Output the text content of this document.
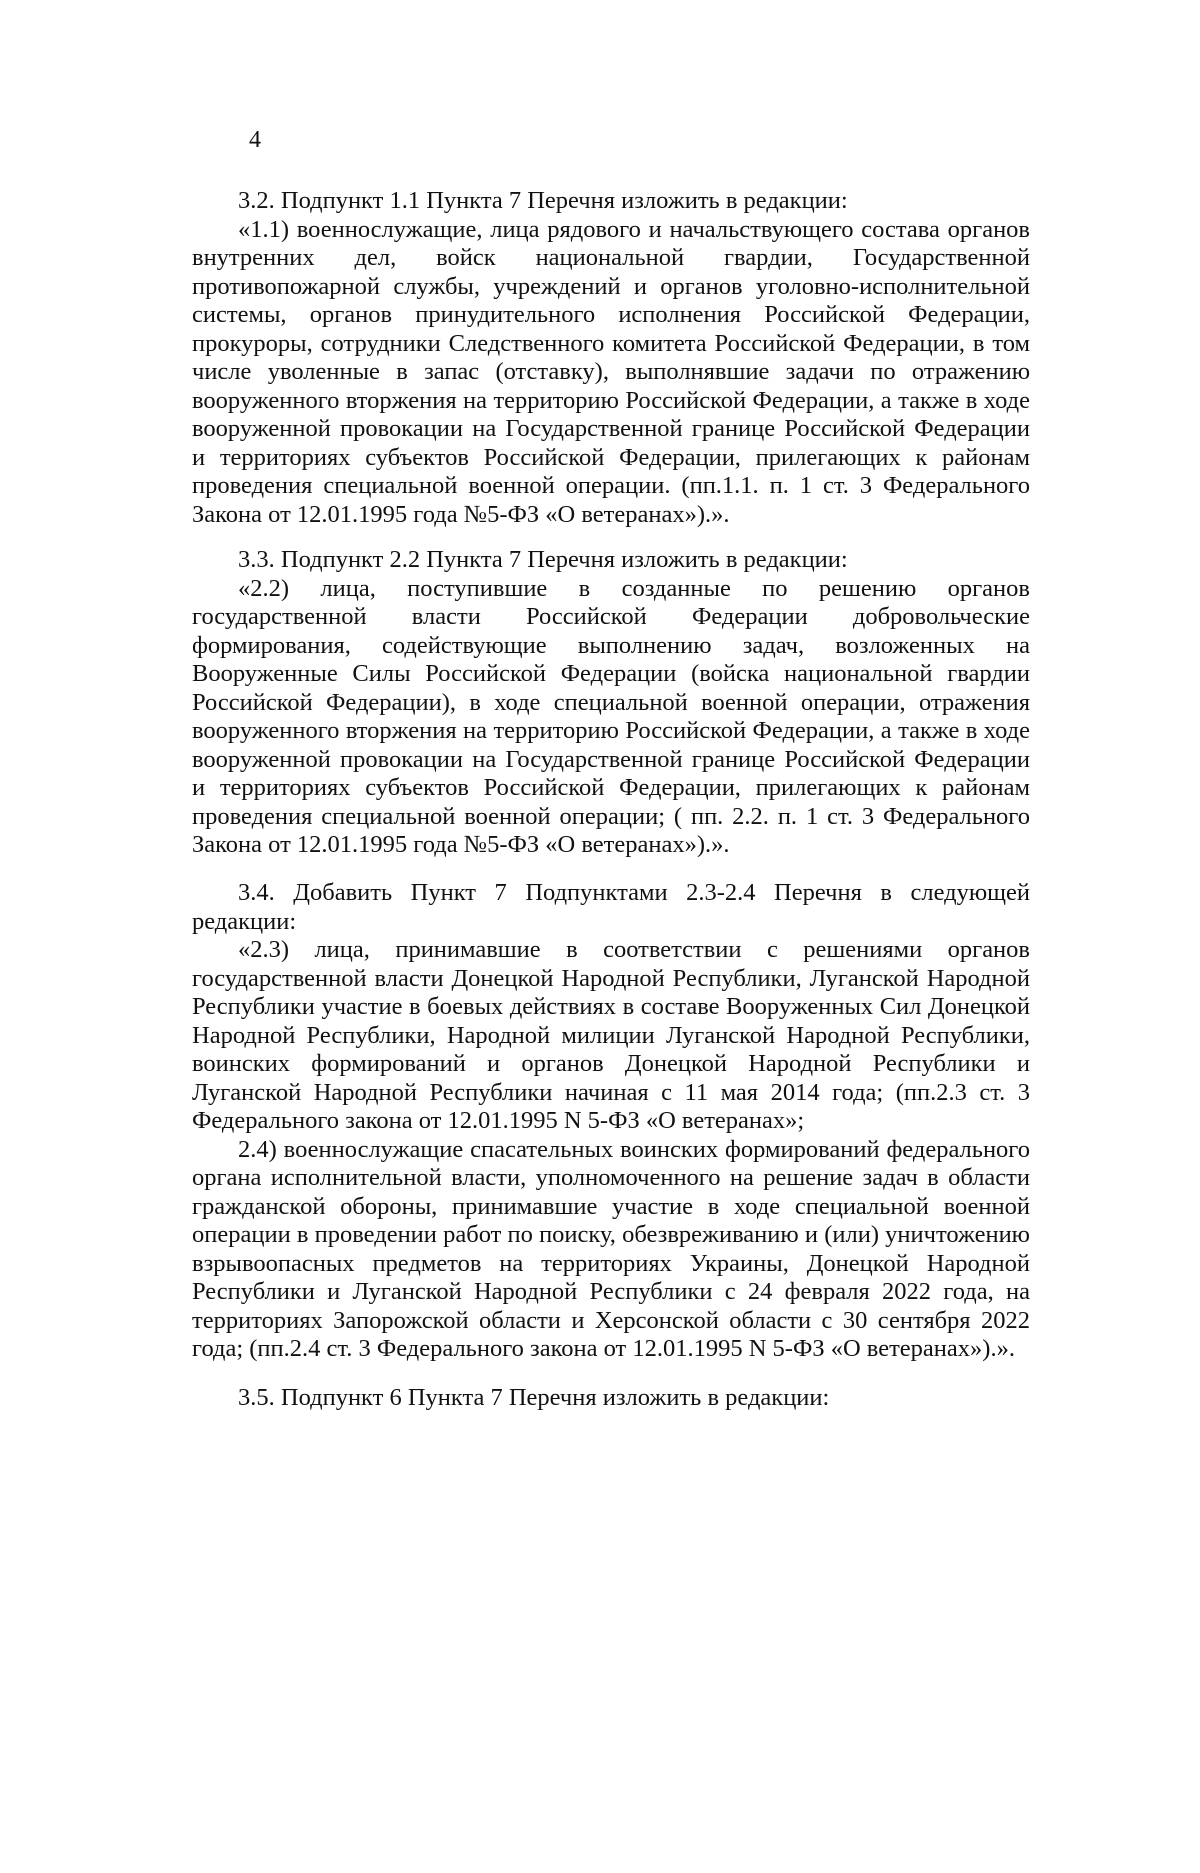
4

3.2. Подпункт 1.1 Пункта 7 Перечня изложить в редакции:

«1.1) военнослужащие, лица рядового и начальствующего состава органов внутренних дел, войск национальной гвардии, Государственной противопожарной службы, учреждений и органов уголовно-исполнительной системы, органов принудительного исполнения Российской Федерации, прокуроры, сотрудники Следственного комитета Российской Федерации, в том числе уволенные в запас (отставку), выполнявшие задачи по отражению вооруженного вторжения на территорию Российской Федерации, а также в ходе вооруженной провокации на Государственной границе Российской Федерации и территориях субъектов Российской Федерации, прилегающих к районам проведения специальной военной операции. (пп.1.1. п. 1 ст. 3 Федерального Закона от 12.01.1995 года №5-ФЗ «О ветеранах»).».

3.3. Подпункт 2.2 Пункта 7 Перечня изложить в редакции:

«2.2) лица, поступившие в созданные по решению органов государственной власти Российской Федерации добровольческие формирования, содействующие выполнению задач, возложенных на Вооруженные Силы Российской Федерации (войска национальной гвардии Российской Федерации), в ходе специальной военной операции, отражения вооруженного вторжения на территорию Российской Федерации, а также в ходе вооруженной провокации на Государственной границе Российской Федерации и территориях субъектов Российской Федерации, прилегающих к районам проведения специальной военной операции; ( пп. 2.2. п. 1 ст. 3 Федерального Закона от 12.01.1995 года №5-ФЗ «О ветеранах»).».

3.4. Добавить Пункт 7 Подпунктами 2.3-2.4 Перечня в следующей редакции:

«2.3) лица, принимавшие в соответствии с решениями органов государственной власти Донецкой Народной Республики, Луганской Народной Республики участие в боевых действиях в составе Вооруженных Сил Донецкой Народной Республики, Народной милиции Луганской Народной Республики, воинских формирований и органов Донецкой Народной Республики и Луганской Народной Республики начиная с 11 мая 2014 года; (пп.2.3 ст. 3 Федерального закона от 12.01.1995 N 5-ФЗ «О ветеранах»;

2.4) военнослужащие спасательных воинских формирований федерального органа исполнительной власти, уполномоченного на решение задач в области гражданской обороны, принимавшие участие в ходе специальной военной операции в проведении работ по поиску, обезвреживанию и (или) уничтожению взрывоопасных предметов на территориях Украины, Донецкой Народной Республики и Луганской Народной Республики с 24 февраля 2022 года, на территориях Запорожской области и Херсонской области с 30 сентября 2022 года; (пп.2.4 ст. 3 Федерального закона от 12.01.1995 N 5-ФЗ «О ветеранах»).».

3.5. Подпункт 6 Пункта 7 Перечня изложить в редакции:
